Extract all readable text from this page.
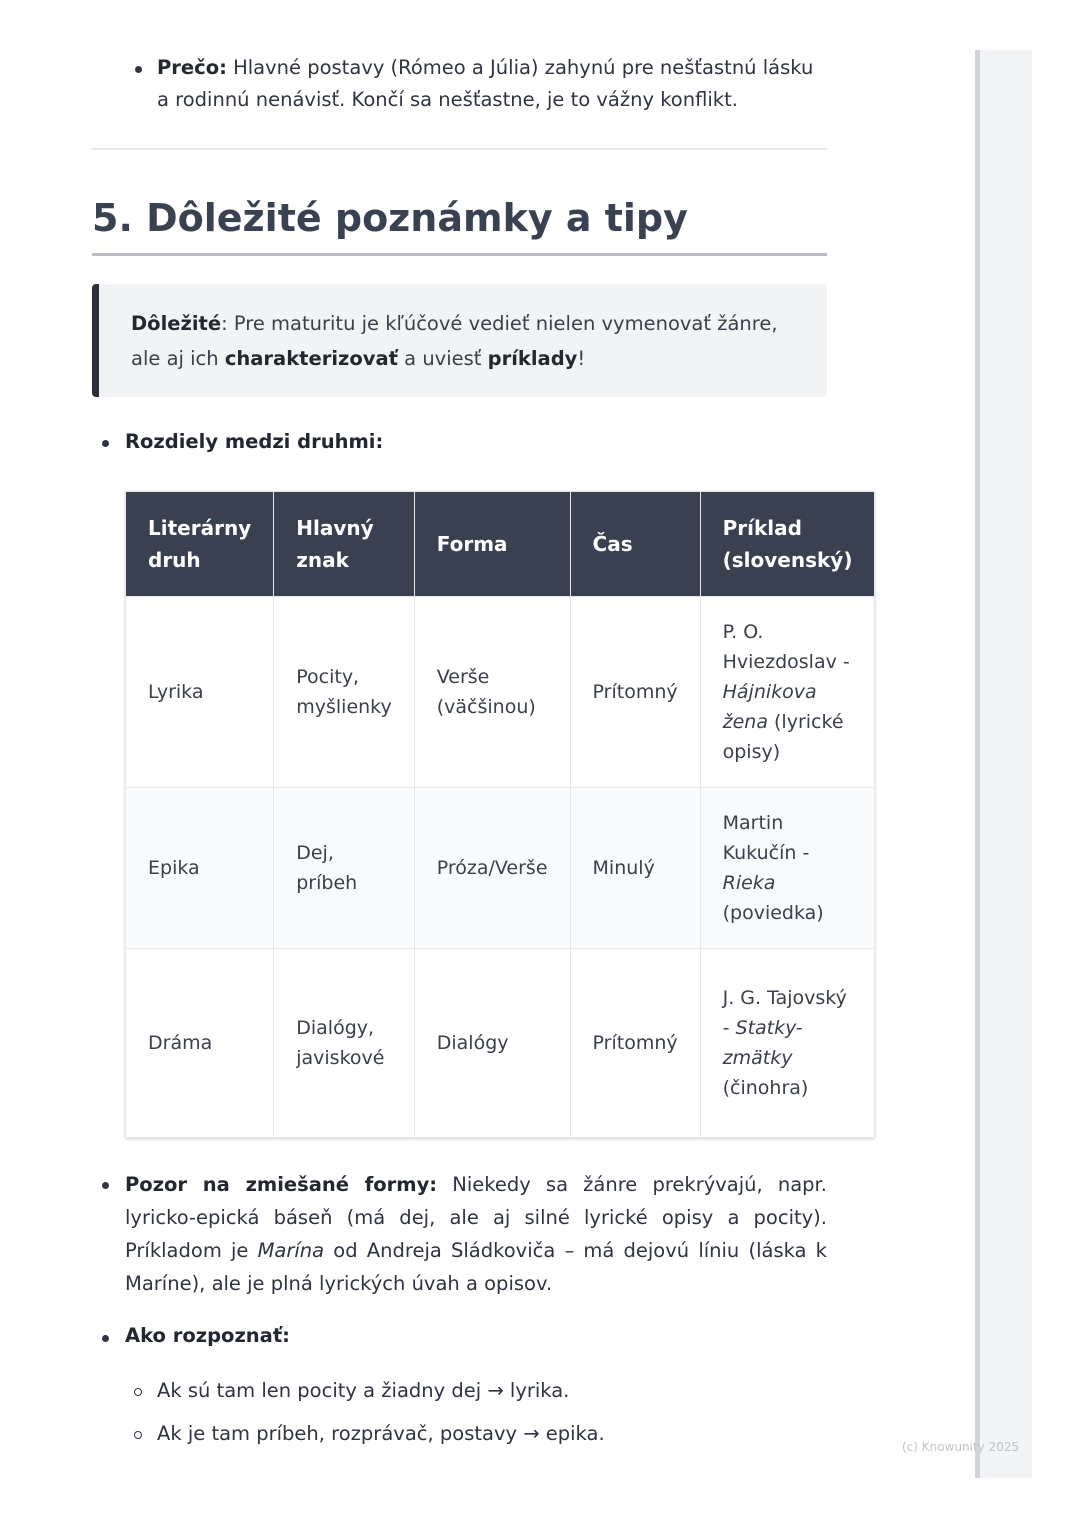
Prečo: Hlavné postavy (Rómeo a Júlia) zahynú pre nešťastnú lásku a rodinnú nenávisť. Končí sa nešťastne, je to vážny konflikt.
5. Dôležité poznámky a tipy
Dôležité: Pre maturitu je kľúčové vedieť nielen vymenovať žánre, ale aj ich charakterizovať a uviesť príklady!
Rozdiely medzi druhmi:
Literárny druh	Hlavný znak	Forma	Čas	Príklad (slovenský)
Lyrika	Pocity, myšlienky	Verše (väčšinou)	Prítomný	P. O. Hviezdoslav - Hájnikova žena (lyrické opisy)
Epika	Dej, príbeh	Próza/Verše	Minulý	Martin Kukučín - Rieka (poviedka)
Dráma	Dialógy, javiskové	Dialógy	Prítomný	J. G. Tajovský - Statky-zmätky (činohra)
Pozor na zmiešané formy: Niekedy sa žánre prekrývajú, napr. lyricko-epická báseň (má dej, ale aj silné lyrické opisy a pocity). Príkladom je Marína od Andreja Sládkoviča – má dejovú líniu (láska k Maríne), ale je plná lyrických úvah a opisov.
Ako rozpoznať:
Ak sú tam len pocity a žiadny dej → lyrika.
Ak je tam príbeh, rozprávač, postavy → epika.
(c) Knowunity 2025
